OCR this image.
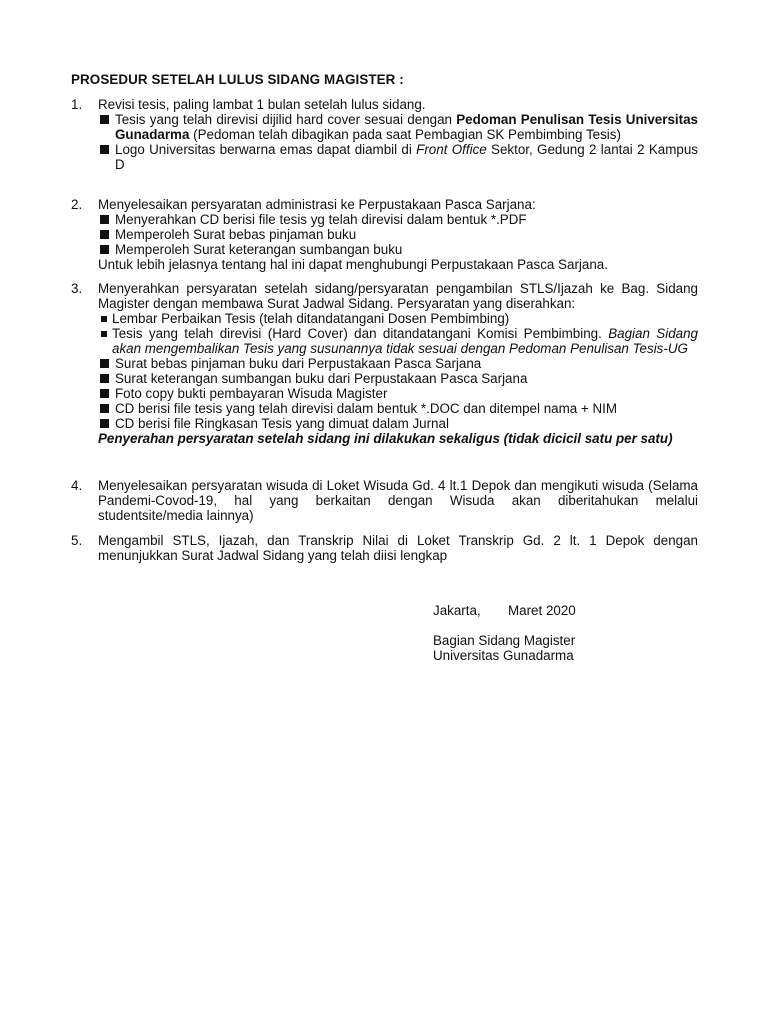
PROSEDUR SETELAH LULUS SIDANG MAGISTER :
1.	Revisi tesis, paling lambat 1 bulan setelah lulus sidang.
Tesis yang telah direvisi dijilid hard cover sesuai dengan Pedoman Penulisan Tesis Universitas Gunadarma (Pedoman telah dibagikan pada saat Pembagian SK Pembimbing Tesis)
Logo Universitas berwarna emas dapat diambil di Front Office Sektor, Gedung 2 lantai 2 Kampus D
2.	Menyelesaikan persyaratan administrasi ke Perpustakaan Pasca Sarjana:
Menyerahkan CD berisi file tesis yg telah direvisi dalam bentuk *.PDF
Memperoleh Surat bebas pinjaman buku
Memperoleh Surat keterangan sumbangan buku
Untuk lebih jelasnya tentang hal ini dapat menghubungi Perpustakaan Pasca Sarjana.
3.	Menyerahkan persyaratan setelah sidang/persyaratan pengambilan STLS/Ijazah ke Bag. Sidang Magister dengan membawa Surat Jadwal Sidang. Persyaratan yang diserahkan:
Lembar Perbaikan Tesis (telah ditandatangani Dosen Pembimbing)
Tesis yang telah direvisi (Hard Cover) dan ditandatangani Komisi Pembimbing. Bagian Sidang akan mengembalikan Tesis yang susunannya tidak sesuai dengan Pedoman Penulisan Tesis-UG
Surat bebas pinjaman buku dari Perpustakaan Pasca Sarjana
Surat keterangan sumbangan buku dari Perpustakaan Pasca Sarjana
Foto copy bukti pembayaran Wisuda Magister
CD berisi file tesis yang telah direvisi dalam bentuk *.DOC dan ditempel nama + NIM
CD berisi file Ringkasan Tesis yang dimuat dalam Jurnal
Penyerahan persyaratan setelah sidang ini dilakukan sekaligus (tidak dicicil satu per satu)
4.	Menyelesaikan persyaratan wisuda di Loket Wisuda Gd. 4 lt.1 Depok dan mengikuti wisuda (Selama Pandemi-Covod-19, hal yang berkaitan dengan Wisuda akan diberitahukan melalui studentsite/media lainnya)
5.	Mengambil STLS, Ijazah, dan Transkrip Nilai di Loket Transkrip Gd. 2 lt. 1 Depok dengan menunjukkan Surat Jadwal Sidang yang telah diisi lengkap
Jakarta, Maret 2020
Bagian Sidang Magister
Universitas Gunadarma
